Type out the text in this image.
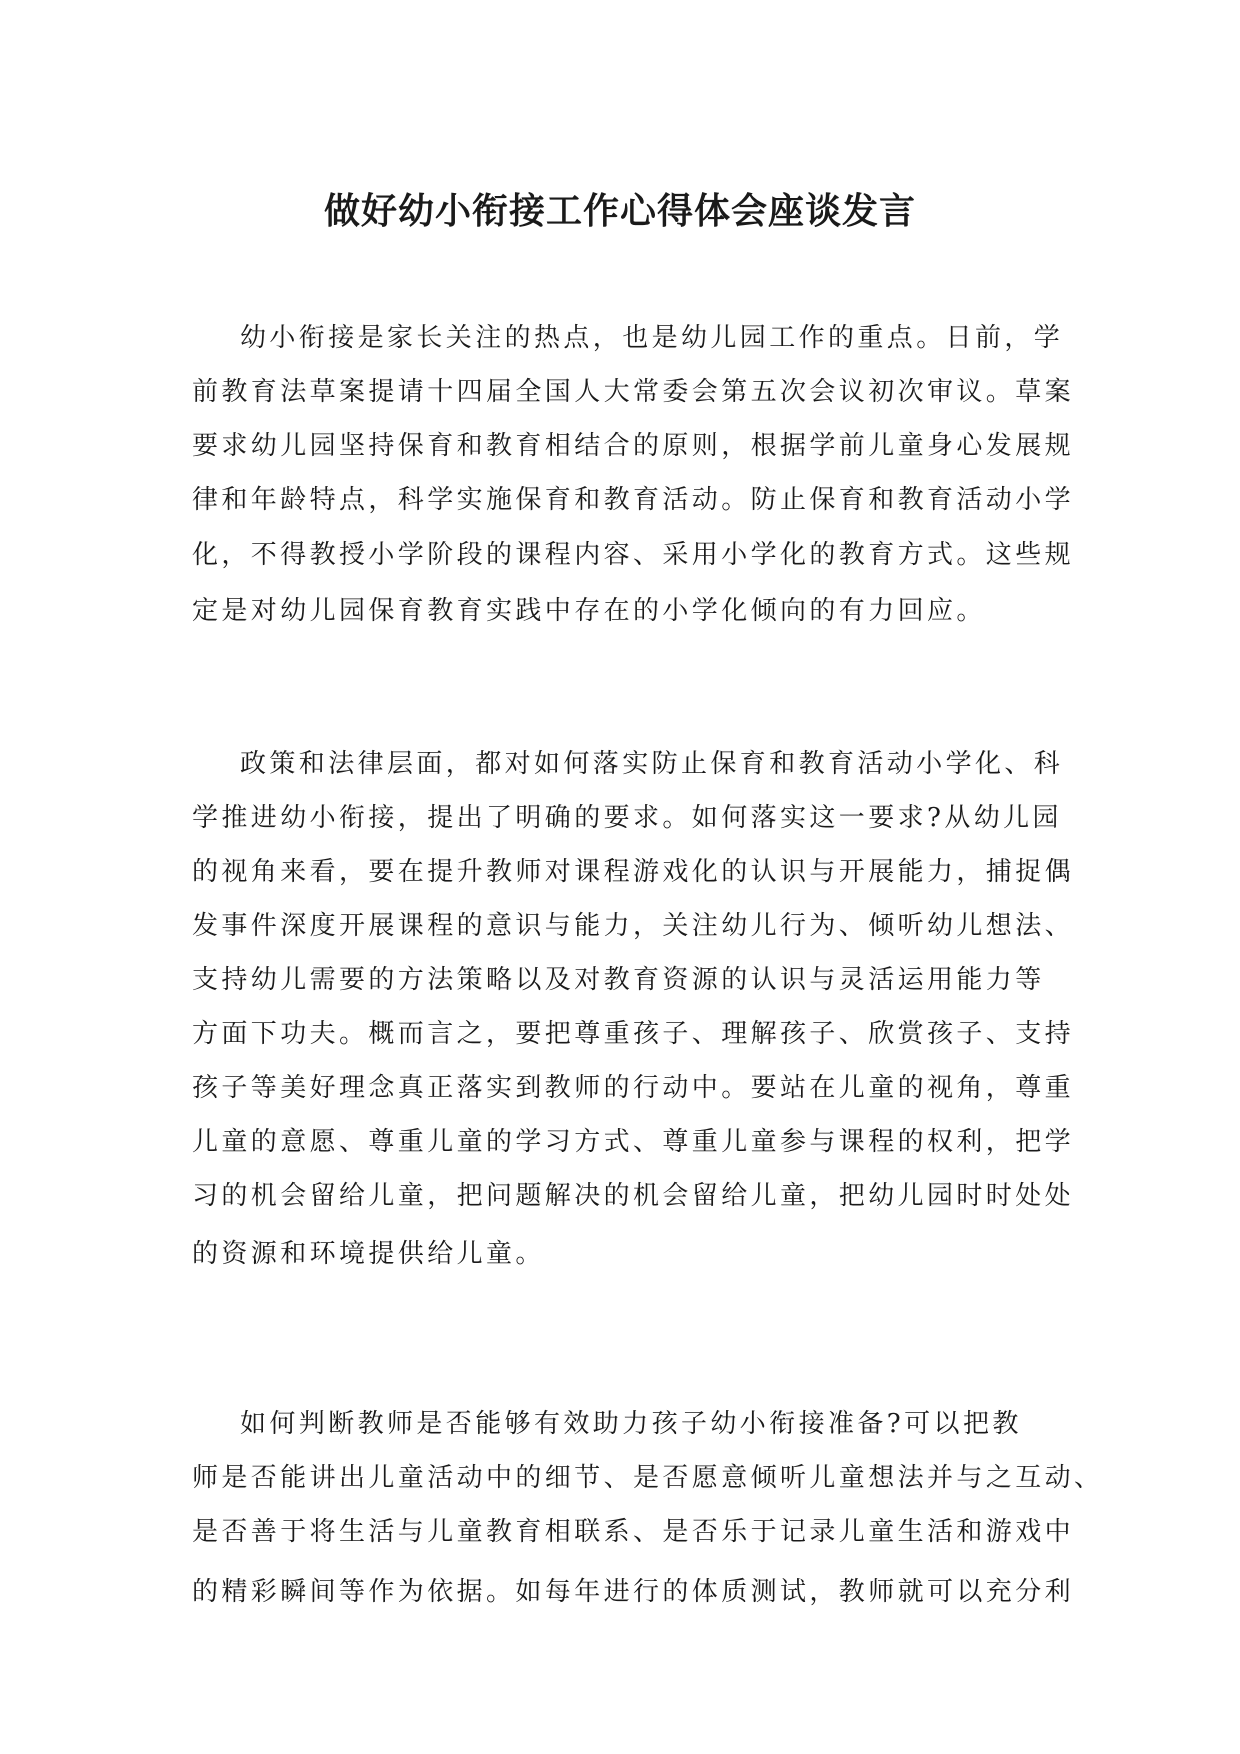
做好幼小衔接工作心得体会座谈发言
幼小衔接是家长关注的热点，也是幼儿园工作的重点。日前，学
前教育法草案提请十四届全国人大常委会第五次会议初次审议。草案
要求幼儿园坚持保育和教育相结合的原则，根据学前儿童身心发展规
律和年龄特点，科学实施保育和教育活动。防止保育和教育活动小学
化，不得教授小学阶段的课程内容、采用小学化的教育方式。这些规
定是对幼儿园保育教育实践中存在的小学化倾向的有力回应。
政策和法律层面，都对如何落实防止保育和教育活动小学化、科
学推进幼小衔接，提出了明确的要求。如何落实这一要求?从幼儿园
的视角来看，要在提升教师对课程游戏化的认识与开展能力，捕捉偶
发事件深度开展课程的意识与能力，关注幼儿行为、倾听幼儿想法、
支持幼儿需要的方法策略以及对教育资源的认识与灵活运用能力等
方面下功夫。概而言之，要把尊重孩子、理解孩子、欣赏孩子、支持
孩子等美好理念真正落实到教师的行动中。要站在儿童的视角，尊重
儿童的意愿、尊重儿童的学习方式、尊重儿童参与课程的权利，把学
习的机会留给儿童，把问题解决的机会留给儿童，把幼儿园时时处处
的资源和环境提供给儿童。
如何判断教师是否能够有效助力孩子幼小衔接准备?可以把教
师是否能讲出儿童活动中的细节、是否愿意倾听儿童想法并与之互动、
是否善于将生活与儿童教育相联系、是否乐于记录儿童生活和游戏中
的精彩瞬间等作为依据。如每年进行的体质测试，教师就可以充分利
